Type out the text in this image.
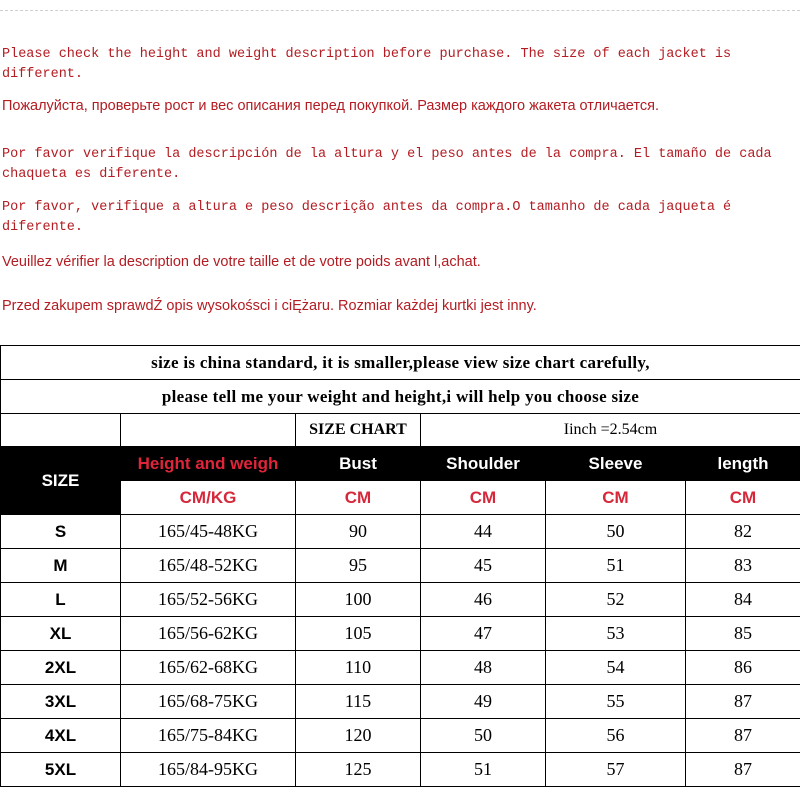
Please check the height and weight description before purchase. The size of each jacket is different.

Пожалуйста, проверьте рост и вес описания перед покупкой. Размер каждого жакета отличается.

Por favor verifique la descripción de la altura y el peso antes de la compra. El tamaño de cada chaqueta es diferente.

Por favor, verifique a altura e peso descrição antes da compra.O tamanho de cada jaqueta é diferente.

Veuillez vérifier la description de votre taille et de votre poids avant l,achat.

Przed zakupem sprawdŹ opis wysokośsci i ciĘżaru. Rozmiar każdej kurtki jest inny.

size is china standard, it is smaller,please view size chart carefully,					
please tell me your weight and height,i will help you choose size					
		SIZE CHART	Iinch =2.54cm		
SIZE	Height and weigh	Bust	Shoulder	Sleeve	length
	CM/KG	CM	CM	CM	CM
S	165/45-48KG	90	44	50	82
M	165/48-52KG	95	45	51	83
L	165/52-56KG	100	46	52	84
XL	165/56-62KG	105	47	53	85
2XL	165/62-68KG	110	48	54	86
3XL	165/68-75KG	115	49	55	87
4XL	165/75-84KG	120	50	56	87
5XL	165/84-95KG	125	51	57	87
